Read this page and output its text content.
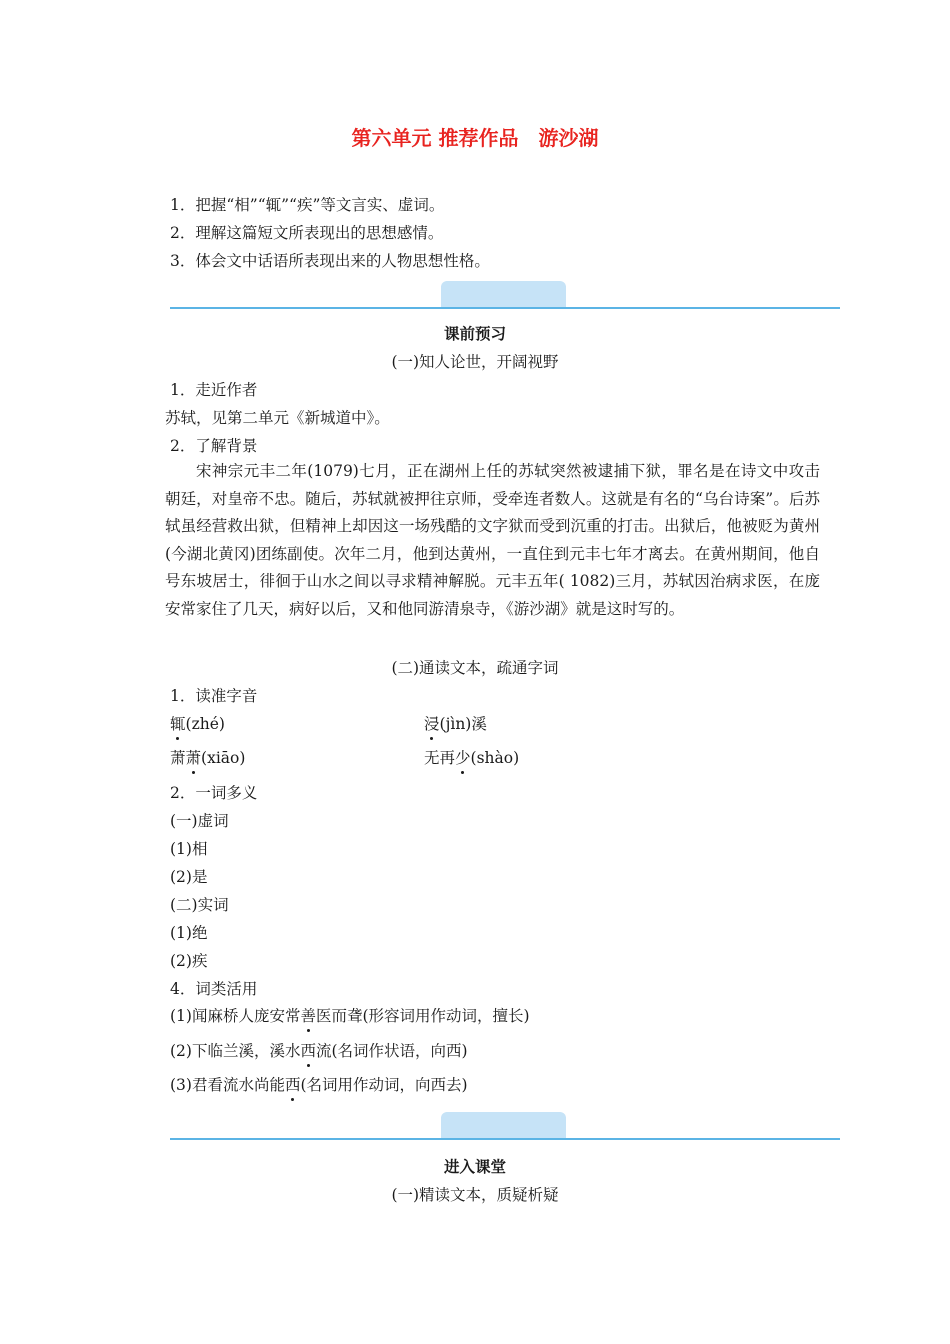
第六单元 推荐作品　游沙湖
1．把握“相”“辄”“疾”等文言实、虚词。
2．理解这篇短文所表现出的思想感情。
3．体会文中话语所表现出来的人物思想性格。
课前预习
(一)知人论世，开阔视野
1．走近作者
苏轼，见第二单元《新城道中》。
2．了解背景
宋神宗元丰二年(1079)七月，正在湖州上任的苏轼突然被逮捕下狱，罪名是在诗文中攻击朝廷，对皇帝不忠。随后，苏轼就被押往京师，受牵连者数人。这就是有名的“乌台诗案”。后苏轼虽经营救出狱，但精神上却因这一场残酷的文字狱而受到沉重的打击。出狱后，他被贬为黄州(今湖北黄冈)团练副使。次年二月，他到达黄州，一直住到元丰七年才离去。在黄州期间，他自号东坡居士，徘徊于山水之间以寻求精神解脱。元丰五年( 1082)三月，苏轼因治病求医，在庞安常家住了几天，病好以后，又和他同游清泉寺，《游沙湖》就是这时写的。
(二)通读文本，疏通字词
1．读准字音
辄(zhé)	浸(jìn)溪
萧萧(xiāo)	无再少(shào)
2．一词多义
(一)虚词
(1)相
(2)是
(二)实词
(1)绝
(2)疾
4．词类活用
(1)闻麻桥人庞安常善医而聋(形容词用作动词，擅长)
(2)下临兰溪，溪水西流(名词作状语，向西)
(3)君看流水尚能西(名词用作动词，向西去)
进入课堂
(一)精读文本，质疑析疑
